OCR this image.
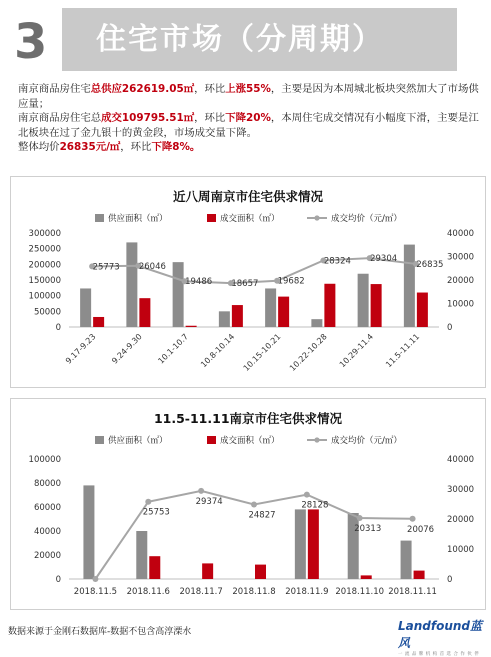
3 住宅市场（分周期）

南京商品房住宅总供应262619.05㎡，环比上涨55%，主要是因为本周城北板块突然加大了市场供应量；

南京商品房住宅总成交109795.51㎡，环比下降20%，本周住宅成交情况有小幅度下滑，主要是江北板块在过了金九银十的黄金段，市场成交量下降。

整体均价26835元/㎡，环比下降8%。

近八周南京市住宅供求情况
供应面积（㎡）	成交面积（㎡）	成交均价（元/㎡）
0
50000
100000
150000
200000
250000
300000
0
10000
20000
30000
40000
25773 26046
19486 18657 19682
28324 29304
26835
9.17-9.23 9.24-9.30 10.1-10.7 10.8-10.14 10.15-10.21 10.22-10.28 10.29-11.4 11.5-11.11
11.5-11.11南京市住宅供求情况
供应面积（㎡）	成交面积（㎡）	成交均价（元/㎡）
0
20000
40000
60000
80000
100000
0
10000
20000
30000
40000
25753
29374
24827
28128
20313	20076
2018.11.5 2018.11.6 2018.11.7 2018.11.8 2018.11.9 2018.11.10 2018.11.11
数据来源于金刚石数据库-数据不包含高淳溧水	Landfound蓝风
一 流 品 牌 机 构 首 选 合 作 伙 伴
